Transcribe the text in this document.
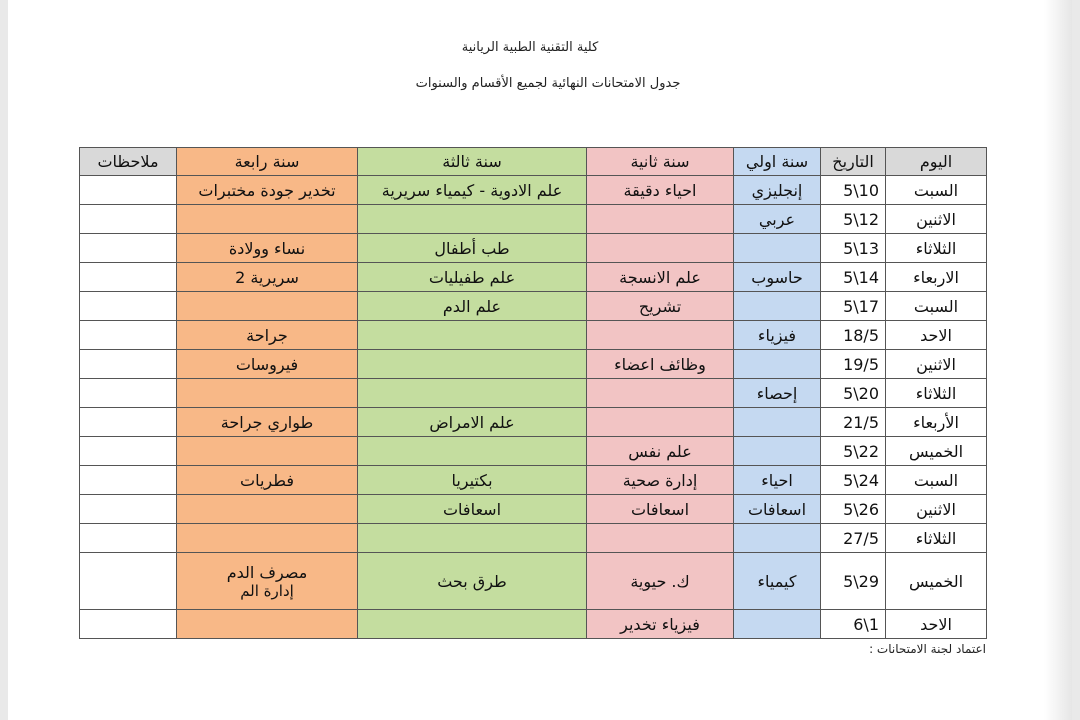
كلية التقنية الطبية الريانية
جدول الامتحانات النهائية لجميع الأقسام والسنوات
اليوم	التاريخ	سنة اولي	سنة ثانية	سنة ثالثة	سنة رابعة	ملاحظات
السبت	10\5	إنجليزي	احياء دقيقة	علم الادوية - كيمياء سريرية	تخدير جودة مختبرات	
الاثنين	12\5	عربي				
الثلاثاء	13\5			طب أطفال	نساء وولادة	
الاربعاء	14\5	حاسوب	علم الانسجة	علم طفيليات	سريرية 2	
السبت	17\5		تشريح	علم الدم		
الاحد	18/5	فيزياء			جراحة	
الاثنين	19/5		وظائف اعضاء		فيروسات	
الثلاثاء	20\5	إحصاء				
الأربعاء	21/5			علم الامراض	طواري جراحة	
الخميس	22\5		علم نفس			
السبت	24\5	احياء	إدارة صحية	بكتيريا	فطريات	
الاثنين	26\5	اسعافات	اسعافات	اسعافات		
الثلاثاء	27/5					
الخميس	29\5	كيمياء	ك. حيوية	طرق بحث	مصرف الدم
إدارة الم	

الاحد	1\6		فيزياء تخدير			
اعتماد لجنة الامتحانات :
